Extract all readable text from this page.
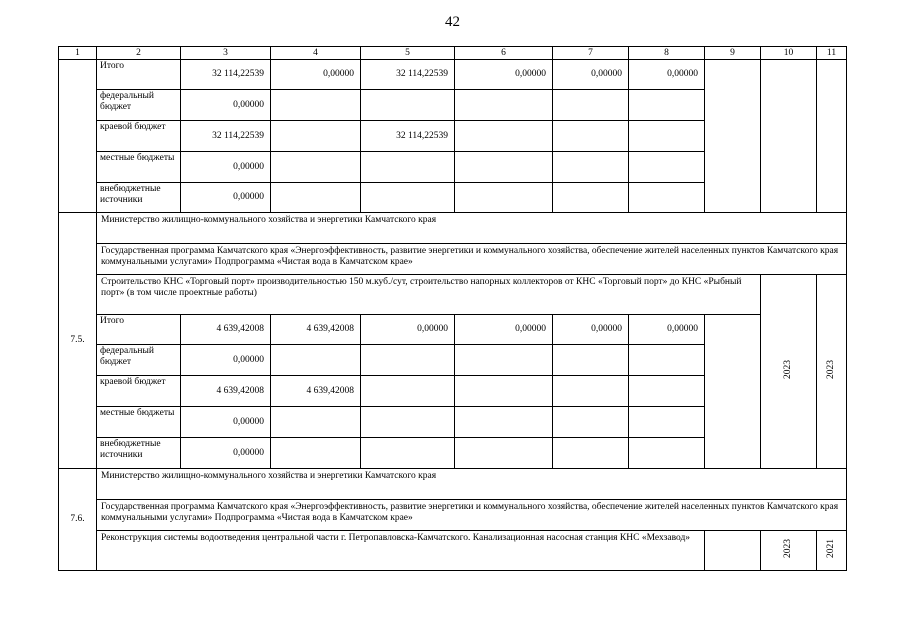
42
1	2	3	4	5	6	7	8	9	10	11
	Итого	32 114,22539	0,00000	32 114,22539	0,00000	0,00000	0,00000			
	федеральный бюджет	0,00000								
	краевой бюджет	32 114,22539		32 114,22539						
	местные бюджеты	0,00000								
	внебюджетные источники	0,00000								
7.5.	Министерство жилищно-коммунального хозяйства и энергетики Камчатского края									
	Государственная программа Камчатского края «Энергоэффективность, развитие энергетики и коммунального хозяйства, обеспечение жителей населенных пунктов Камчатского края коммунальными услугами» Подпрограмма «Чистая вода в Камчатском крае»									
	Строительство КНС «Торговый порт» производительностью 150 м.куб./сут, строительство напорных коллекторов от КНС «Торговый порт» до КНС «Рыбный порт» (в том числе проектные работы)								2023	2023
	Итого	4 639,42008	4 639,42008	0,00000	0,00000	0,00000	0,00000			
	федеральный бюджет	0,00000								
	краевой бюджет	4 639,42008	4 639,42008							
	местные бюджеты	0,00000								
	внебюджетные источники	0,00000								
7.6.	Министерство жилищно-коммунального хозяйства и энергетики Камчатского края									
	Государственная программа Камчатского края «Энергоэффективность, развитие энергетики и коммунального хозяйства, обеспечение жителей населенных пунктов Камчатского края коммунальными услугами» Подпрограмма «Чистая вода в Камчатском крае»									
	Реконструкция системы водоотведения центральной части г. Петропавловска-Камчатского. Канализационная насосная станция КНС «Мехзавод»								2023	2021
